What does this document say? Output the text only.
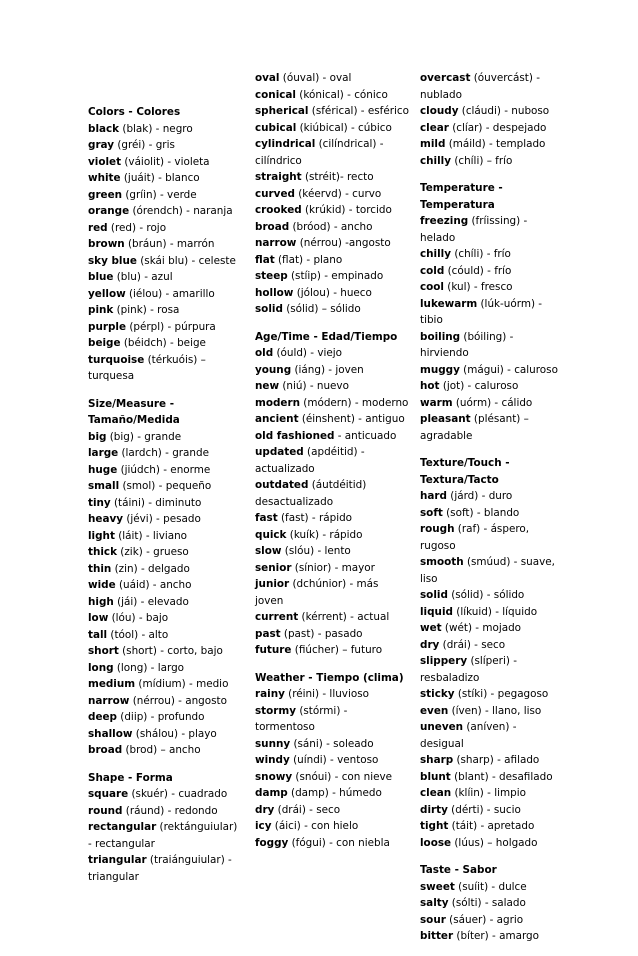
Colors - Colores
black (blak) - negro
gray (gréi) - gris
violet (váiolit) - violeta
white (juáit) - blanco
green (gríin) - verde
orange (órendch) - naranja
red (red) - rojo
brown (bráun) - marrón
sky blue (skái blu) - celeste
blue (blu) - azul
yellow (iélou) - amarillo
pink (pink) - rosa
purple (pérpl) - púrpura
beige (béidch) - beige
turquoise (térkuóis) – turquesa
Size/Measure - Tamaño/Medida
big (big) - grande
large (lardch) - grande
huge (jiúdch) - enorme
small (smol) - pequeño
tiny (táini) - diminuto
heavy (jévi) - pesado
light (láit) - liviano
thick (zik) - grueso
thin (zin) - delgado
wide (uáid) - ancho
high (jái) - elevado
low (lóu) - bajo
tall (tóol) - alto
short (short) - corto, bajo
long (long) - largo
medium (mídium) - medio
narrow (nérrou) - angosto
deep (diip) - profundo
shallow (shálou) - playo
broad (brod) – ancho
Shape - Forma
square (skuér) - cuadrado
round (ráund) - redondo
rectangular (rektánguiular) - rectangular
triangular (traiánguiular) - triangular
oval (óuval) - oval
conical (kónical) - cónico
spherical (sférical) - esférico
cubical (kiúbical) - cúbico
cylindrical (cilíndrical) - cilíndrico
straight (stréit)- recto
curved (kéervd) - curvo
crooked (krúkid) - torcido
broad (bróod) - ancho
narrow (nérrou) -angosto
flat (flat) - plano
steep (stíip) - empinado
hollow (jólou) - hueco
solid (sólid) – sólido
Age/Time - Edad/Tiempo
old (óuld) - viejo
young (iáng) - joven
new (niú) - nuevo
modern (módern) - moderno
ancient (éinshent) - antiguo
old fashioned - anticuado
updated (apdéitid) - actualizado
outdated (áutdéitid) desactualizado
fast (fast) - rápido
quick (kuík) - rápido
slow (slóu) - lento
senior (sínior) - mayor
junior (dchúnior) - más joven
current (kérrent) - actual
past (past) - pasado
future (fiúcher) – futuro
Weather - Tiempo (clima)
rainy (réini) - lluvioso
stormy (stórmi) - tormentoso
sunny (sáni) - soleado
windy (uíndi) - ventoso
snowy (snóui) - con nieve
damp (damp) - húmedo
dry (drái) - seco
icy (áici) - con hielo
foggy (fógui) - con niebla
overcast (óuvercást) - nublado
cloudy (cláudi) - nuboso
clear (clíar) - despejado
mild (máild) - templado
chilly (chíli) – frío
Temperature - Temperatura
freezing (fríissing) - helado
chilly (chíli) - frío
cold (cóuld) - frío
cool (kul) - fresco
lukewarm (lúk-uórm) - tibio
boiling (bóiling) - hirviendo
muggy (mágui) - caluroso
hot (jot) - caluroso
warm (uórm) - cálido
pleasant (plésant) – agradable
Texture/Touch - Textura/Tacto
hard (járd) - duro
soft (soft) - blando
rough (raf) - áspero, rugoso
smooth (smúud) - suave, liso
solid (sólid) - sólido
liquid (líkuid) - líquido
wet (wét) - mojado
dry (drái) - seco
slippery (slíperi) - resbaladizo
sticky (stíki) - pegagoso
even (íven) - llano, liso
uneven (aníven) - desigual
sharp (sharp) - afilado
blunt (blant) - desafilado
clean (klíin) - limpio
dirty (dérti) - sucio
tight (táit) - apretado
loose (lúus) – holgado
Taste - Sabor
sweet (suíit) - dulce
salty (sólti) - salado
sour (sáuer) - agrio
bitter (bíter) - amargo
